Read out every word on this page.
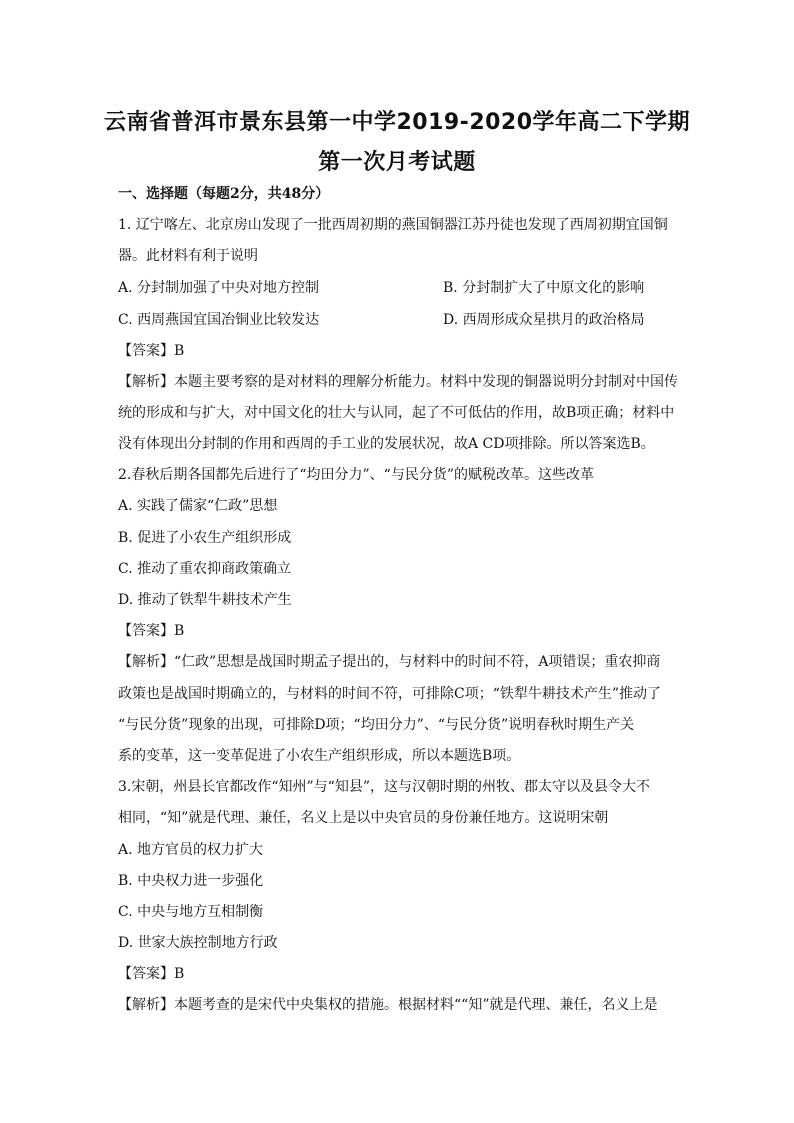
云南省普洱市景东县第一中学2019-2020学年高二下学期
第一次月考试题
一、选择题（每题2分，共48分）
1. 辽宁喀左、北京房山发现了一批西周初期的燕国铜器江苏丹徒也发现了西周初期宜国铜
器。此材料有利于说明
A. 分封制加强了中央对地方控制	B. 分封制扩大了中原文化的影响
C. 西周燕国宜国冶铜业比较发达	D. 西周形成众星拱月的政治格局
【答案】B
【解析】本题主要考察的是对材料的理解分析能力。材料中发现的铜器说明分封制对中国传
统的形成和与扩大，对中国文化的壮大与认同，起了不可低估的作用，故B项正确；材料中
没有体现出分封制的作用和西周的手工业的发展状况，故A CD项排除。所以答案选B。
2.春秋后期各国都先后进行了“均田分力”、“与民分货”的赋税改革。这些改革
A. 实践了儒家“仁政”思想
B. 促进了小农生产组织形成
C. 推动了重农抑商政策确立
D. 推动了铁犁牛耕技术产生
【答案】B
【解析】“仁政”思想是战国时期孟子提出的，与材料中的时间不符，A项错误；重农抑商
政策也是战国时期确立的，与材料的时间不符，可排除C项；“铁犁牛耕技术产生”推动了
“与民分货”现象的出现，可排除D项；“均田分力”、“与民分货”说明春秋时期生产关
系的变革，这一变革促进了小农生产组织形成，所以本题选B项。
3.宋朝，州县长官都改作“知州”与“知县”，这与汉朝时期的州牧、郡太守以及县令大不
相同，“知”就是代理、兼任，名义上是以中央官员的身份兼任地方。这说明宋朝
A. 地方官员的权力扩大
B. 中央权力进一步强化
C. 中央与地方互相制衡
D. 世家大族控制地方行政
【答案】B
【解析】本题考查的是宋代中央集权的措施。根据材料““知”就是代理、兼任，名义上是
